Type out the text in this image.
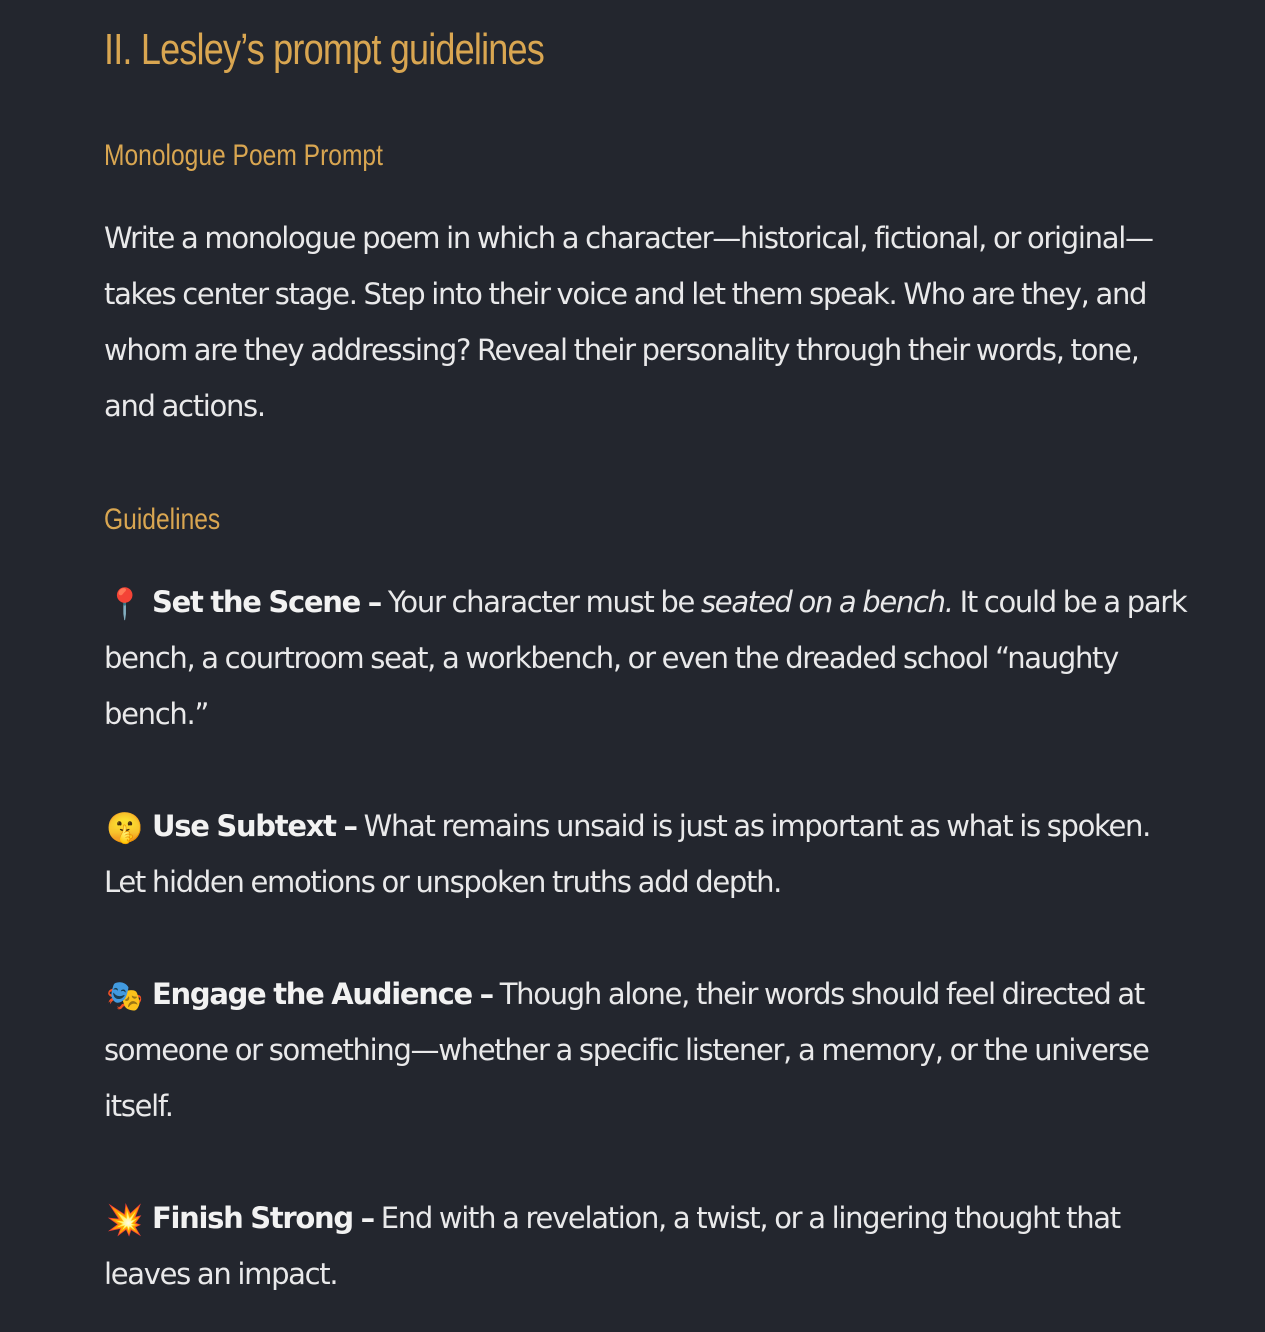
II. Lesley’s prompt guidelines
Monologue Poem Prompt

Write a monologue poem in which a character—historical, fictional, or original—takes center stage. Step into their voice and let them speak. Who are they, and whom are they addressing? Reveal their personality through their words, tone, and actions.

Guidelines

📍 Set the Scene – Your character must be seated on a bench. It could be a park bench, a courtroom seat, a workbench, or even the dreaded school “naughty bench.”

🤫 Use Subtext – What remains unsaid is just as important as what is spoken. Let hidden emotions or unspoken truths add depth.

🎭 Engage the Audience – Though alone, their words should feel directed at someone or something—whether a specific listener, a memory, or the universe itself.

💥 Finish Strong – End with a revelation, a twist, or a lingering thought that leaves an impact.
